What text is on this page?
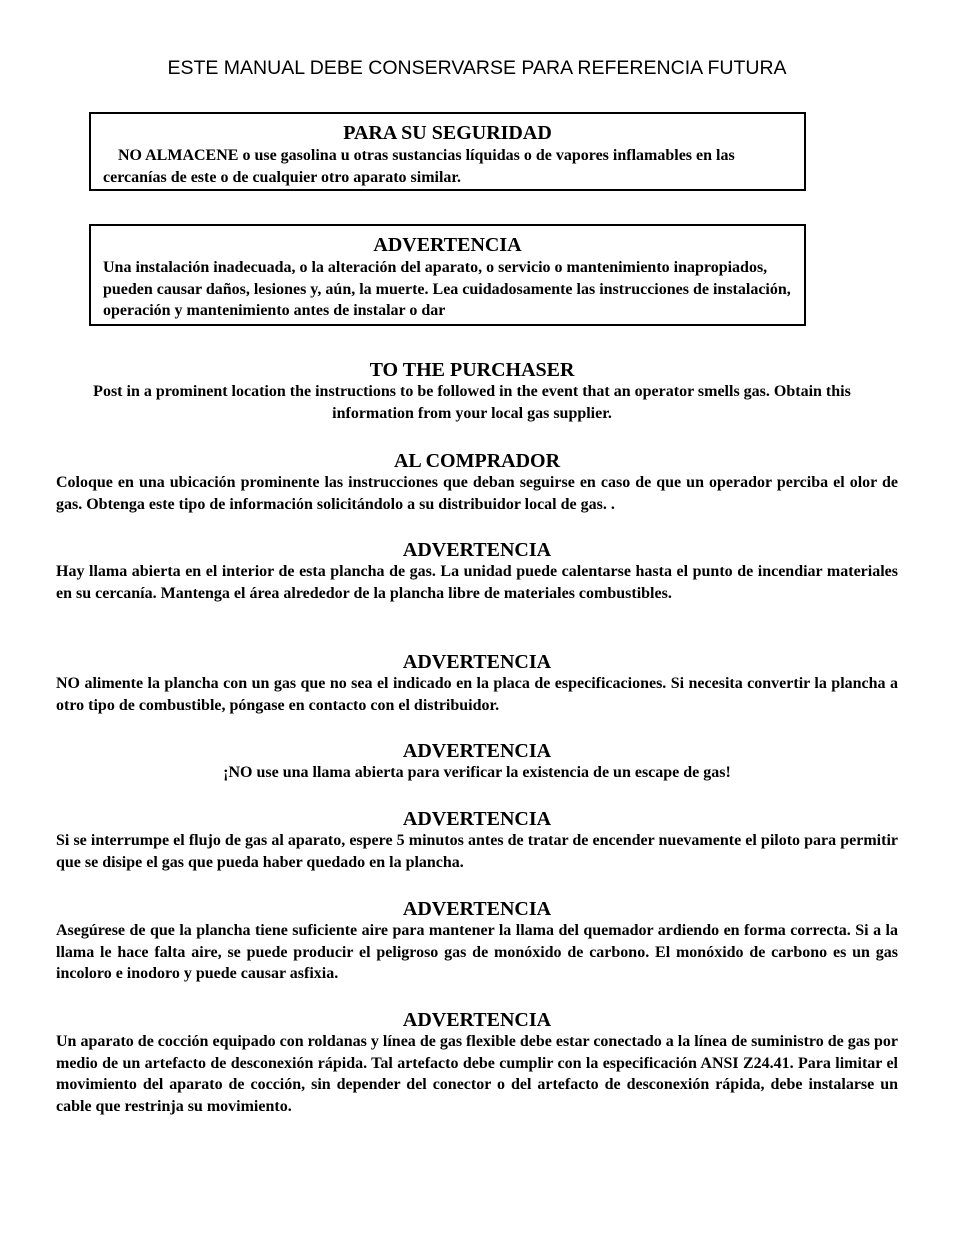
ESTE MANUAL DEBE CONSERVARSE PARA REFERENCIA FUTURA
PARA SU SEGURIDAD
NO ALMACENE o use gasolina u otras sustancias líquidas o de vapores inflamables en las cercanías de este o de cualquier otro aparato similar.
ADVERTENCIA
Una instalación inadecuada, o la alteración del aparato, o servicio o mantenimiento inapropiados, pueden causar daños, lesiones y, aún, la muerte. Lea cuidadosamente las instrucciones de instalación, operación y mantenimiento antes de instalar o dar
TO THE PURCHASER
Post in a prominent location the instructions to be followed in the event that an operator smells gas. Obtain this information from your local gas supplier.
AL COMPRADOR
Coloque en una ubicación prominente las instrucciones que deban seguirse en caso de que un operador perciba el olor de gas. Obtenga este tipo de información solicitándolo a su distribuidor local de gas. .
ADVERTENCIA
Hay llama abierta en el interior de esta plancha de gas. La unidad puede calentarse hasta el punto de incendiar materiales en su cercanía. Mantenga el área alrededor de la plancha libre de materiales combustibles.
ADVERTENCIA
NO alimente la plancha con un gas que no sea el indicado en la placa de especificaciones. Si necesita convertir la plancha a otro tipo de combustible, póngase en contacto con el distribuidor.
ADVERTENCIA
¡NO use una llama abierta para verificar la existencia de un escape de gas!
ADVERTENCIA
Si se interrumpe el flujo de gas al aparato, espere 5 minutos antes de tratar de encender nuevamente el piloto para permitir que se disipe el gas que pueda haber quedado en la plancha.
ADVERTENCIA
Asegúrese de que la plancha tiene suficiente aire para mantener la llama del quemador ardiendo en forma correcta. Si a la llama le hace falta aire, se puede producir el peligroso gas de monóxido de carbono. El monóxido de carbono es un gas incoloro e inodoro y puede causar asfixia.
ADVERTENCIA
Un aparato de cocción equipado con roldanas y línea de gas flexible debe estar conectado a la línea de suministro de gas por medio de un artefacto de desconexión rápida. Tal artefacto debe cumplir con la especificación ANSI Z24.41. Para limitar el movimiento del aparato de cocción, sin depender del conector o del artefacto de desconexión rápida, debe instalarse un cable que restrinja su movimiento.
